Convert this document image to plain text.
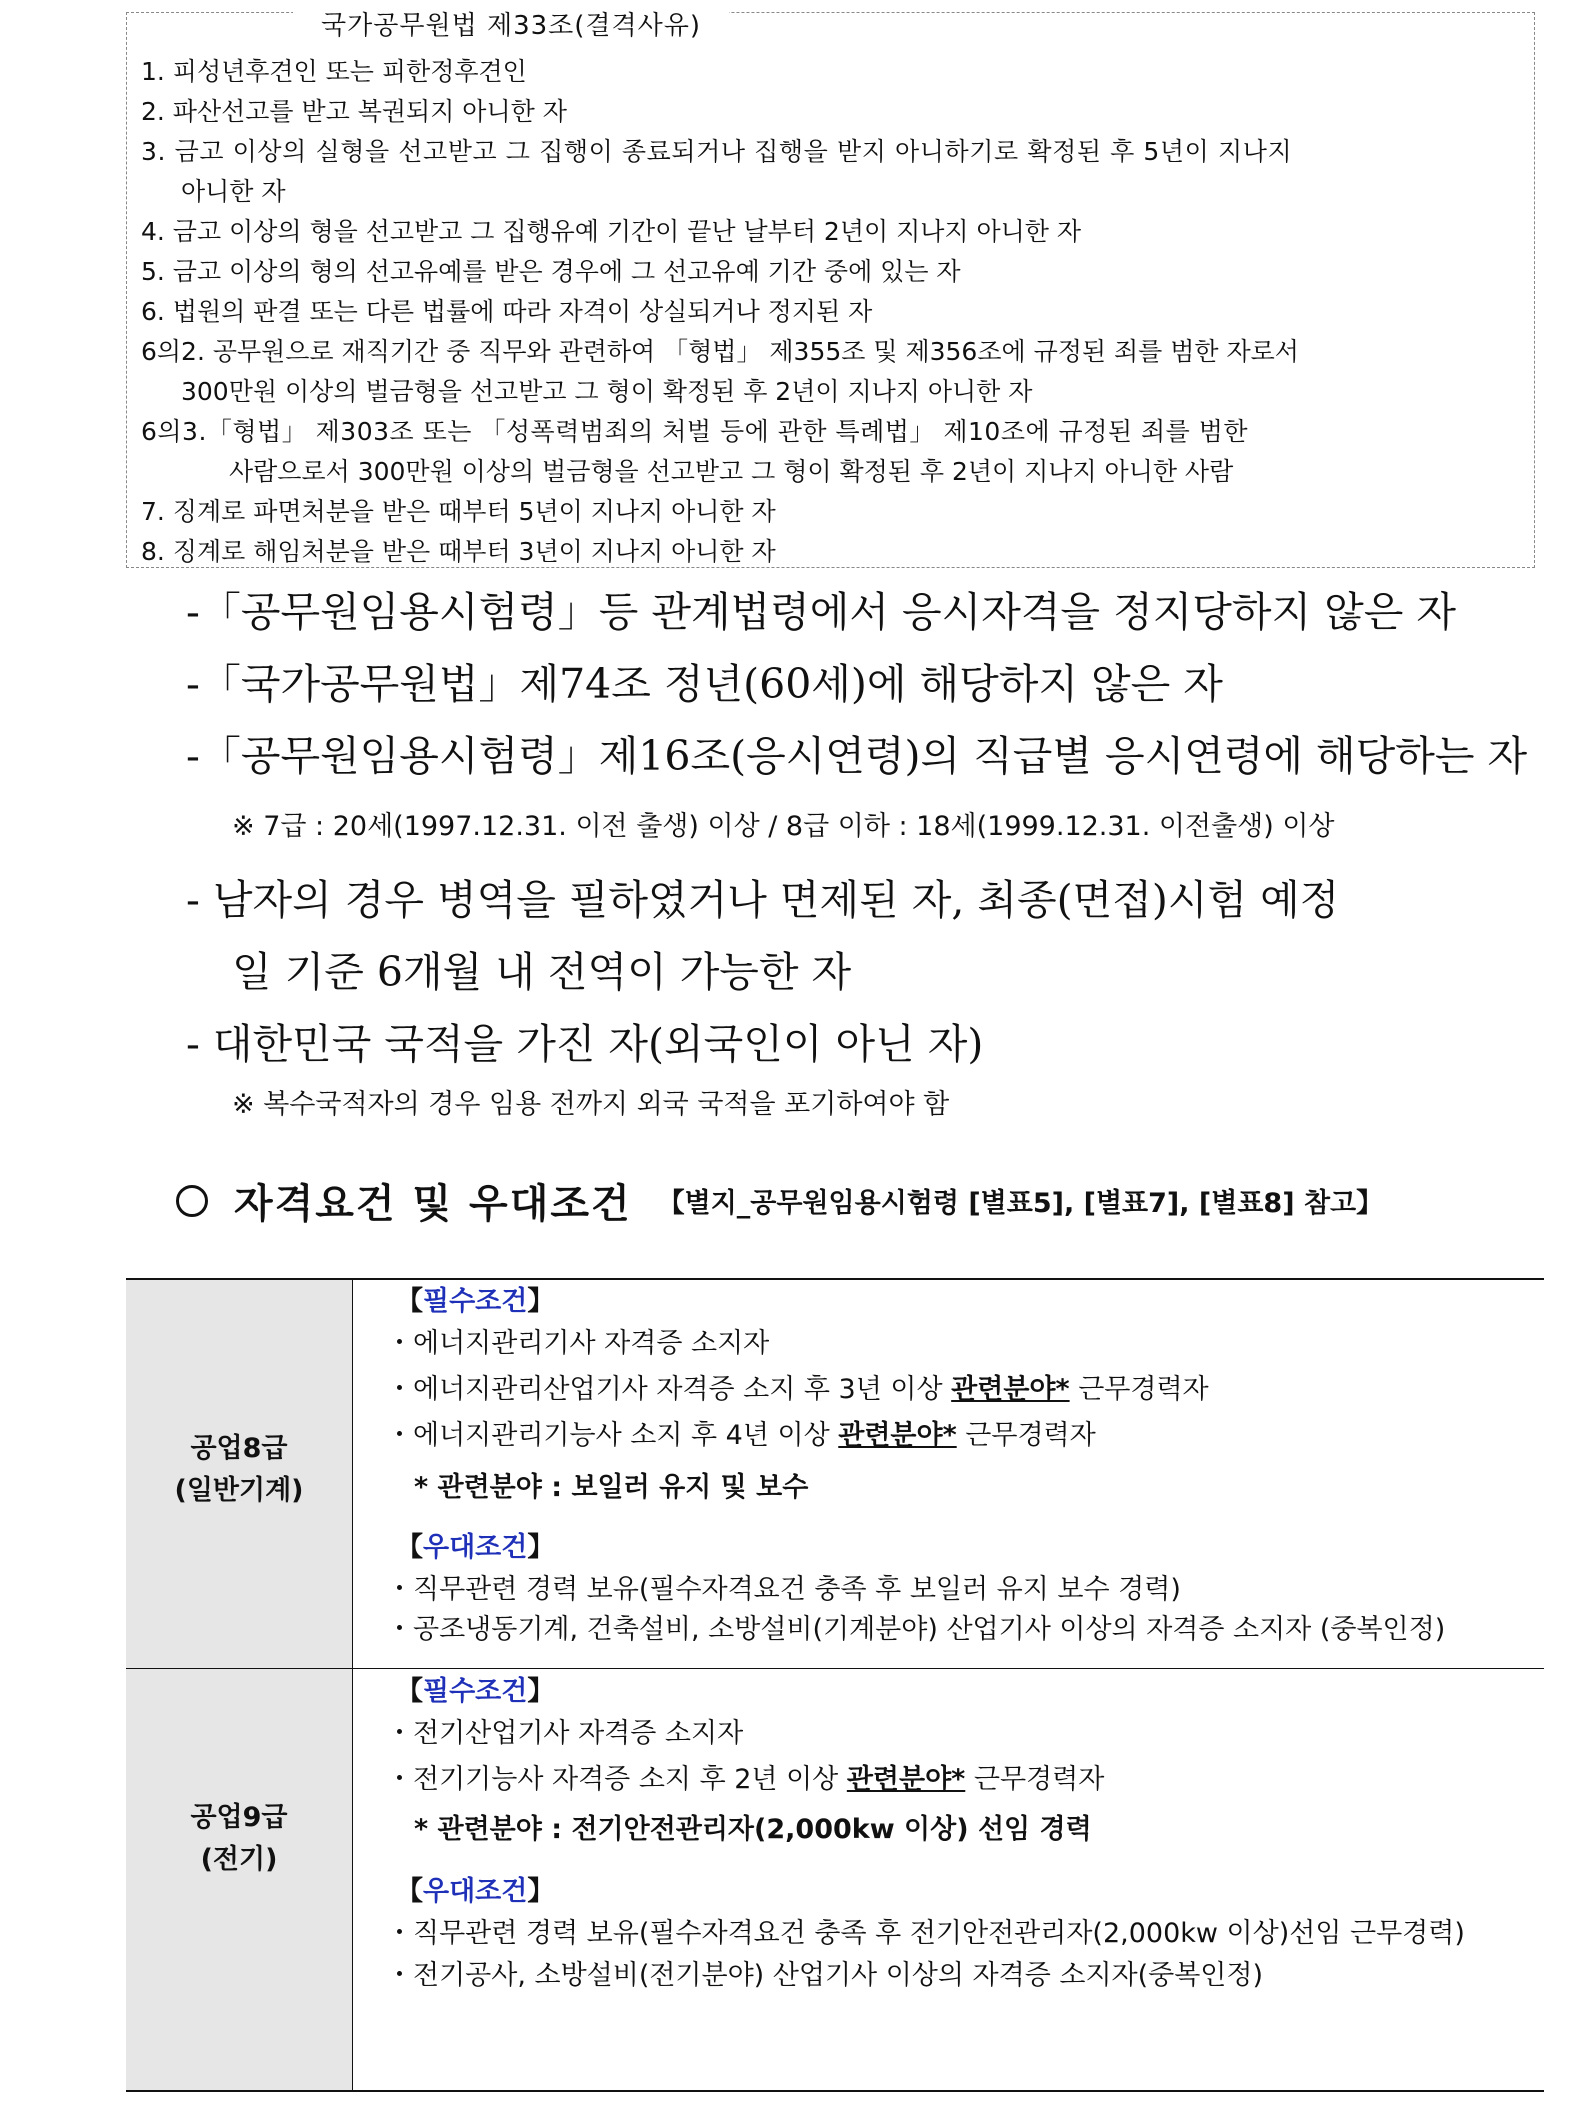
국가공무원법 제33조(결격사유)
1. 피성년후견인 또는 피한정후견인
2. 파산선고를 받고 복권되지 아니한 자
3. 금고 이상의 실형을 선고받고 그 집행이 종료되거나 집행을 받지 아니하기로 확정된 후 5년이 지나지
아니한 자
4. 금고 이상의 형을 선고받고 그 집행유예 기간이 끝난 날부터 2년이 지나지 아니한 자
5. 금고 이상의 형의 선고유예를 받은 경우에 그 선고유예 기간 중에 있는 자
6. 법원의 판결 또는 다른 법률에 따라 자격이 상실되거나 정지된 자
6의2. 공무원으로 재직기간 중 직무와 관련하여 「형법」 제355조 및 제356조에 규정된 죄를 범한 자로서
300만원 이상의 벌금형을 선고받고 그 형이 확정된 후 2년이 지나지 아니한 자
6의3.「형법」 제303조 또는 「성폭력범죄의 처벌 등에 관한 특례법」 제10조에 규정된 죄를 범한
사람으로서 300만원 이상의 벌금형을 선고받고 그 형이 확정된 후 2년이 지나지 아니한 사람
7. 징계로 파면처분을 받은 때부터 5년이 지나지 아니한 자
8. 징계로 해임처분을 받은 때부터 3년이 지나지 아니한 자
-「공무원임용시험령」등 관계법령에서 응시자격을 정지당하지 않은 자
-「국가공무원법」제74조 정년(60세)에 해당하지 않은 자
-「공무원임용시험령」제16조(응시연령)의 직급별 응시연령에 해당하는 자
※ 7급 : 20세(1997.12.31. 이전 출생) 이상 / 8급 이하 : 18세(1999.12.31. 이전출생) 이상
- 남자의 경우 병역을 필하였거나 면제된 자, 최종(면접)시험 예정
일 기준 6개월 내 전역이 가능한 자
- 대한민국 국적을 가진 자(외국인이 아닌 자)
※ 복수국적자의 경우 임용 전까지 외국 국적을 포기하여야 함
자격요건 및 우대조건 【별지_공무원임용시험령 [별표5], [별표7], [별표8] 참고】
공업8급
(일반기계)
공업9급
(전기)
【필수조건】
・에너지관리기사 자격증 소지자
・에너지관리산업기사 자격증 소지 후 3년 이상 관련분야* 근무경력자
・에너지관리기능사 소지 후 4년 이상 관련분야* 근무경력자
* 관련분야 : 보일러 유지 및 보수
【우대조건】
・직무관련 경력 보유(필수자격요건 충족 후 보일러 유지 보수 경력)
・공조냉동기계, 건축설비, 소방설비(기계분야) 산업기사 이상의 자격증 소지자 (중복인정)
【필수조건】
・전기산업기사 자격증 소지자
・전기기능사 자격증 소지 후 2년 이상 관련분야* 근무경력자
* 관련분야 : 전기안전관리자(2,000kw 이상) 선임 경력
【우대조건】
・직무관련 경력 보유(필수자격요건 충족 후 전기안전관리자(2,000kw 이상)선임 근무경력)
・전기공사, 소방설비(전기분야) 산업기사 이상의 자격증 소지자(중복인정)
